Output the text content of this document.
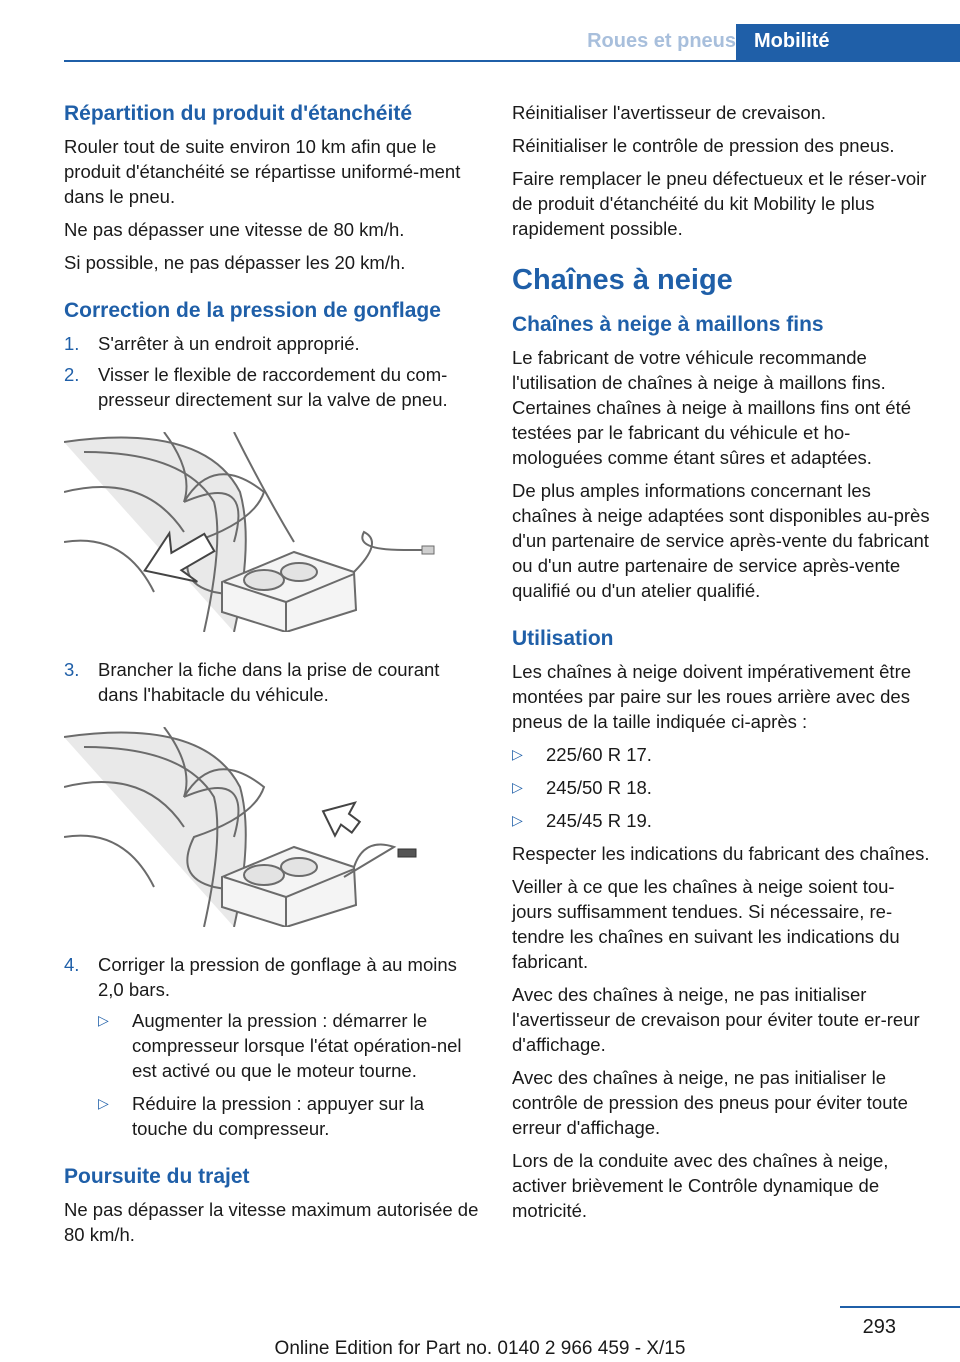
Roues et pneus Mobilité
Répartition du produit d'étanchéité

Rouler tout de suite environ 10 km afin que le produit d'étanchéité se répartisse uniformé‐ment dans le pneu.

Ne pas dépasser une vitesse de 80 km/h.

Si possible, ne pas dépasser les 20 km/h.

Correction de la pression de gonflage
1.	S'arrêter à un endroit approprié.
2.	Visser le flexible de raccordement du com‐presseur directement sur la valve de pneu.
3.	Brancher la fiche dans la prise de courant dans l'habitacle du véhicule.
4.	Corriger la pression de gonflage à au moins 2,0 bars.
▷	Augmenter la pression : démarrer le compresseur lorsque l'état opération‐nel est activé ou que le moteur tourne.
▷	Réduire la pression : appuyer sur la touche du compresseur.
Poursuite du trajet

Ne pas dépasser la vitesse maximum autorisée de 80 km/h.

Réinitialiser l'avertisseur de crevaison.

Réinitialiser le contrôle de pression des pneus.

Faire remplacer le pneu défectueux et le réser‐voir de produit d'étanchéité du kit Mobility le plus rapidement possible.

Chaînes à neige
Chaînes à neige à maillons fins

Le fabricant de votre véhicule recommande l'utilisation de chaînes à neige à maillons fins. Certaines chaînes à neige à maillons fins ont été testées par le fabricant du véhicule et ho‐mologuées comme étant sûres et adaptées.

De plus amples informations concernant les chaînes à neige adaptées sont disponibles au‐près d'un partenaire de service après-vente du fabricant ou d'un autre partenaire de service après-vente qualifié ou d'un atelier qualifié.

Utilisation

Les chaînes à neige doivent impérativement être montées par paire sur les roues arrière avec des pneus de la taille indiquée ci-après :

▷	225/60 R 17.
▷	245/50 R 18.
▷	245/45 R 19.

Respecter les indications du fabricant des chaînes.

Veiller à ce que les chaînes à neige soient tou‐jours suffisamment tendues. Si nécessaire, re‐tendre les chaînes en suivant les indications du fabricant.

Avec des chaînes à neige, ne pas initialiser l'avertisseur de crevaison pour éviter toute er‐reur d'affichage.

Avec des chaînes à neige, ne pas initialiser le contrôle de pression des pneus pour éviter toute erreur d'affichage.

Lors de la conduite avec des chaînes à neige, activer brièvement le Contrôle dynamique de motricité.

293
Online Edition for Part no. 0140 2 966 459 - X/15
